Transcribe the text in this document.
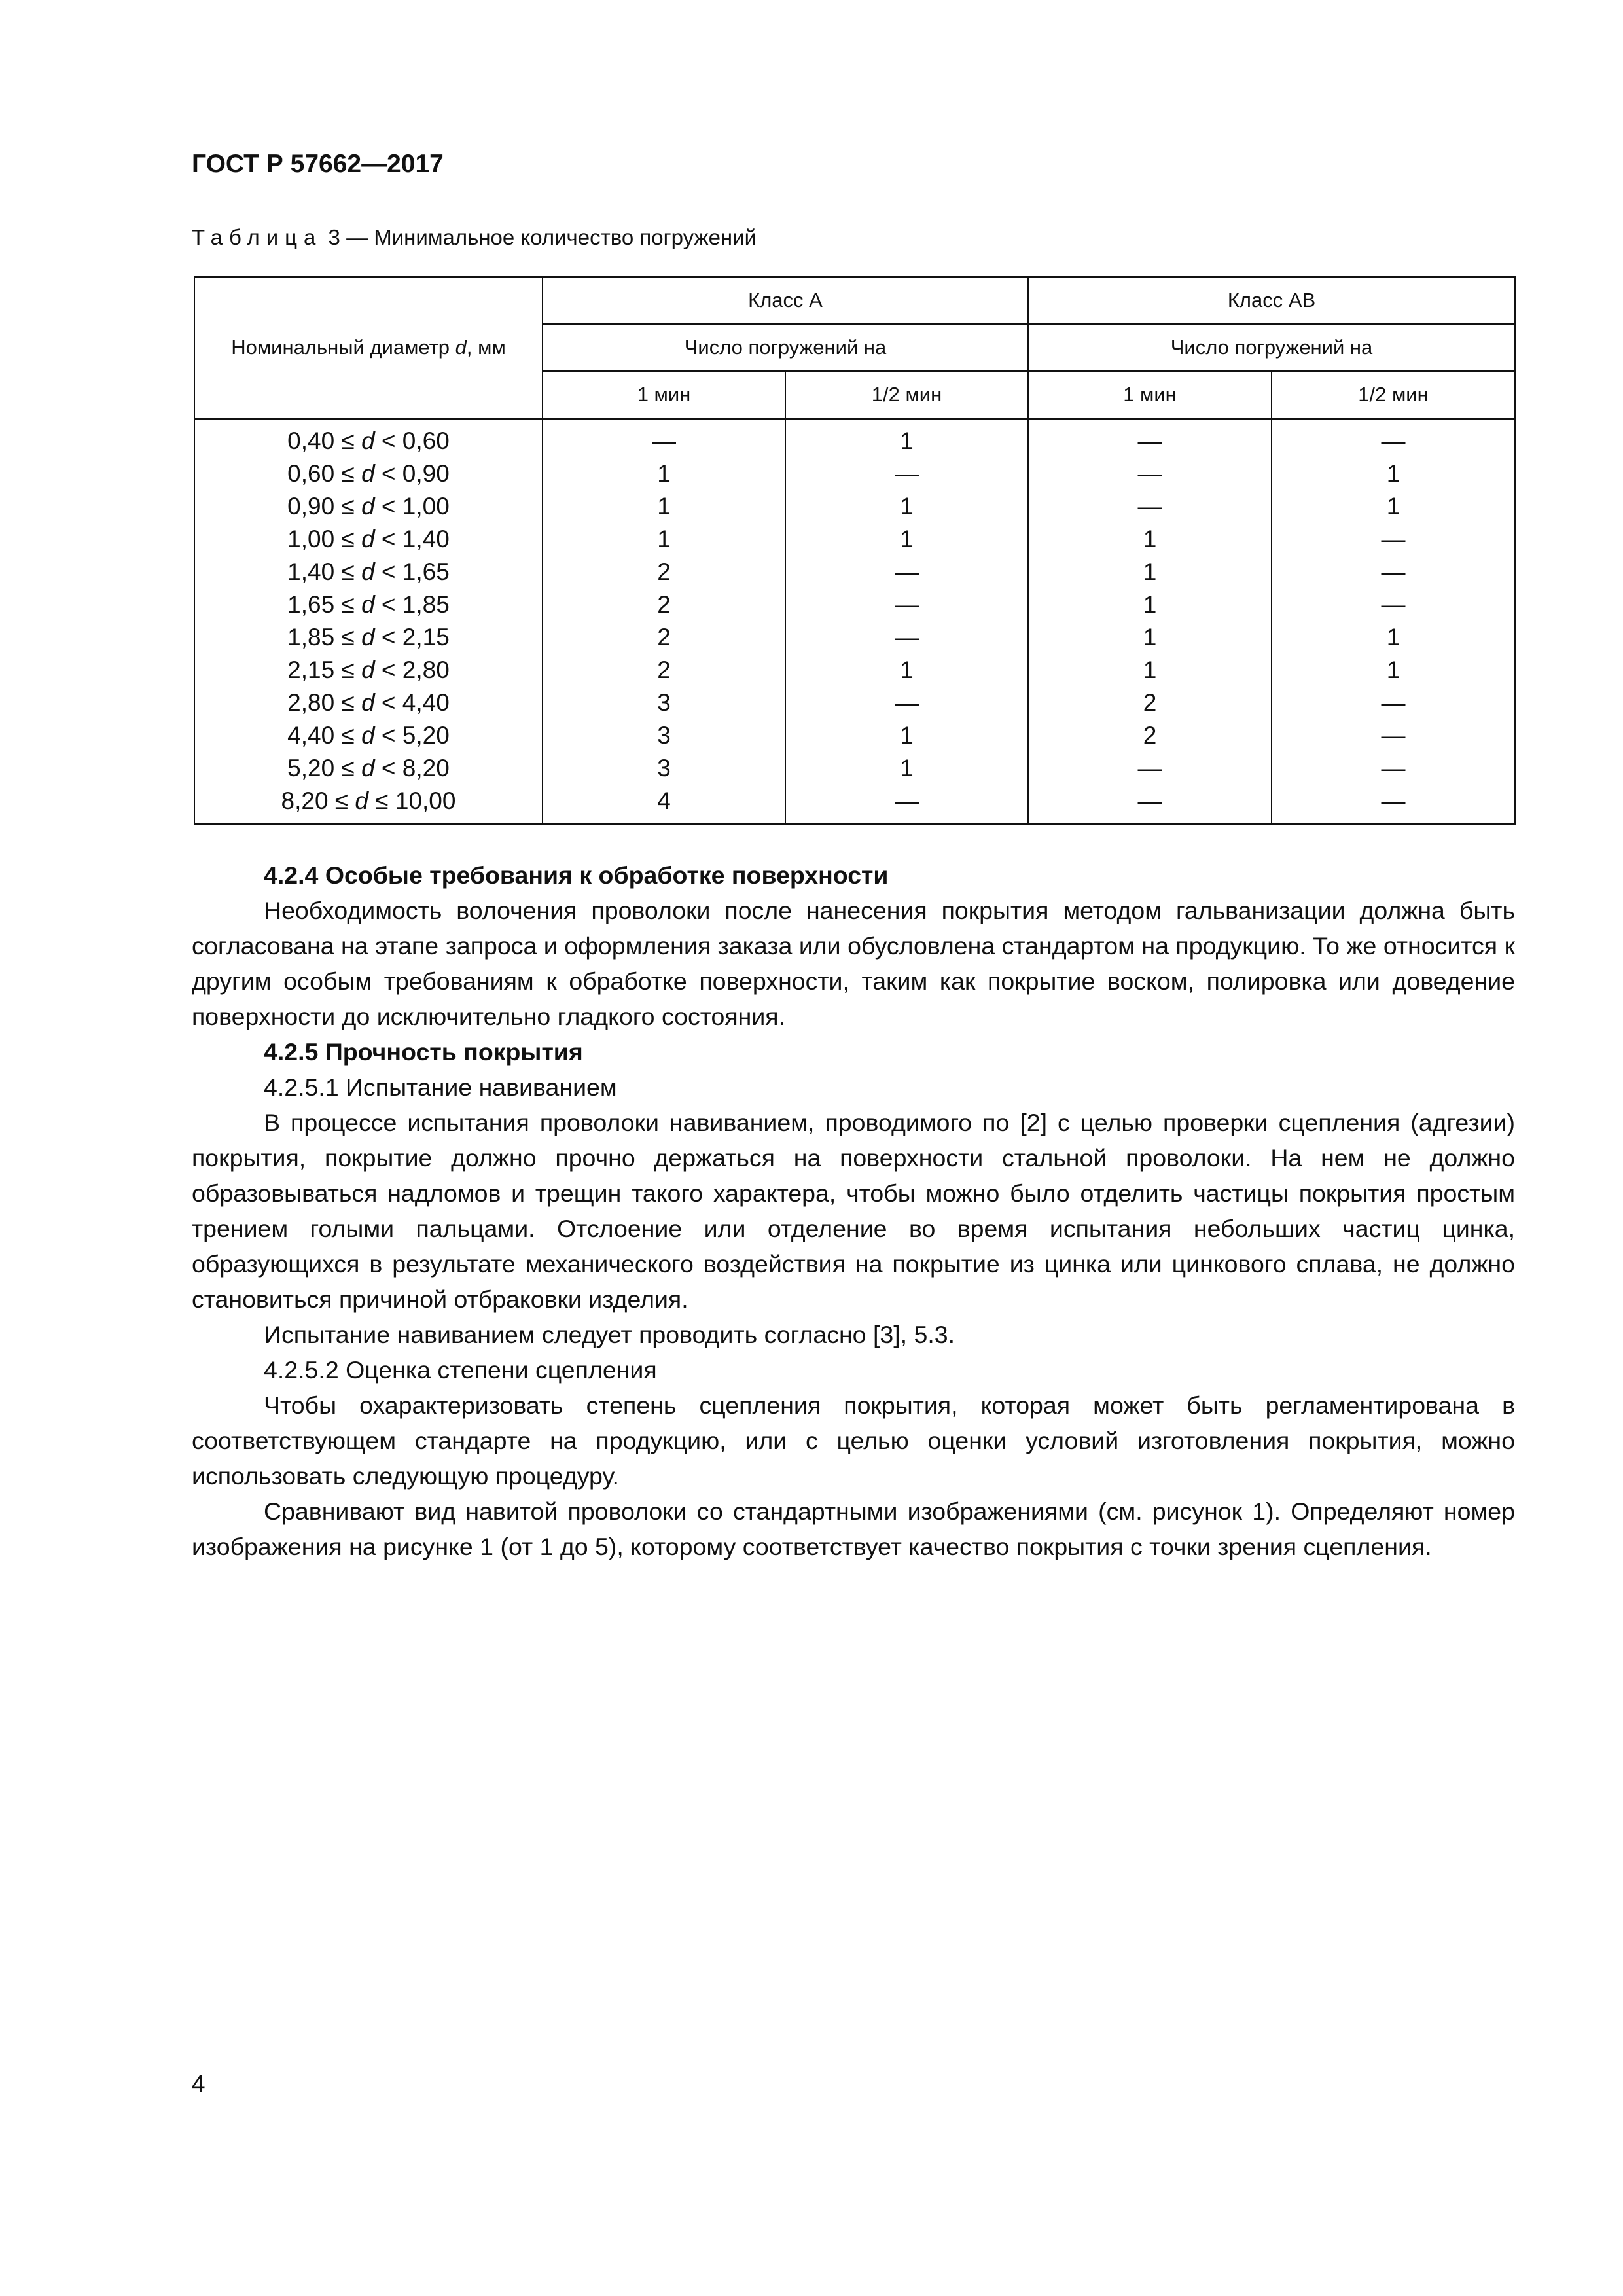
ГОСТ Р 57662—2017
Таблица 3 — Минимальное количество погружений
Номинальный диаметр d, мм	Класс А		Класс АВ	
	Число погружений на		Число погружений на	
	1 мин	1/2 мин	1 мин	1/2 мин
0,40 ≤ d < 0,60	—	1	—	—
0,60 ≤ d < 0,90	1	—	—	1
0,90 ≤ d < 1,00	1	1	—	1
1,00 ≤ d < 1,40	1	1	1	—
1,40 ≤ d < 1,65	2	—	1	—
1,65 ≤ d < 1,85	2	—	1	—
1,85 ≤ d < 2,15	2	—	1	1
2,15 ≤ d < 2,80	2	1	1	1
2,80 ≤ d < 4,40	3	—	2	—
4,40 ≤ d < 5,20	3	1	2	—
5,20 ≤ d < 8,20	3	1	—	—
8,20 ≤ d ≤ 10,00	4	—	—	—

4.2.4 Особые требования к обработке поверхности

Необходимость волочения проволоки после нанесения покрытия методом гальванизации должна быть согласована на этапе запроса и оформления заказа или обусловлена стандартом на продукцию. То же относится к другим особым требованиям к обработке поверхности, таким как покрытие воском, полировка или доведение поверхности до исключительно гладкого состояния.

4.2.5 Прочность покрытия

4.2.5.1 Испытание навиванием

В процессе испытания проволоки навиванием, проводимого по [2] с целью проверки сцепления (адгезии) покрытия, покрытие должно прочно держаться на поверхности стальной проволоки. На нем не должно образовываться надломов и трещин такого характера, чтобы можно было отделить частицы покрытия простым трением голыми пальцами. Отслоение или отделение во время испытания небольших частиц цинка, образующихся в результате механического воздействия на покрытие из цинка или цинкового сплава, не должно становиться причиной отбраковки изделия.

Испытание навиванием следует проводить согласно [3], 5.3.

4.2.5.2 Оценка степени сцепления

Чтобы охарактеризовать степень сцепления покрытия, которая может быть регламентирована в соответствующем стандарте на продукцию, или с целью оценки условий изготовления покрытия, можно использовать следующую процедуру.

Сравнивают вид навитой проволоки со стандартными изображениями (см. рисунок 1). Определяют номер изображения на рисунке 1 (от 1 до 5), которому соответствует качество покрытия с точки зрения сцепления.

4
